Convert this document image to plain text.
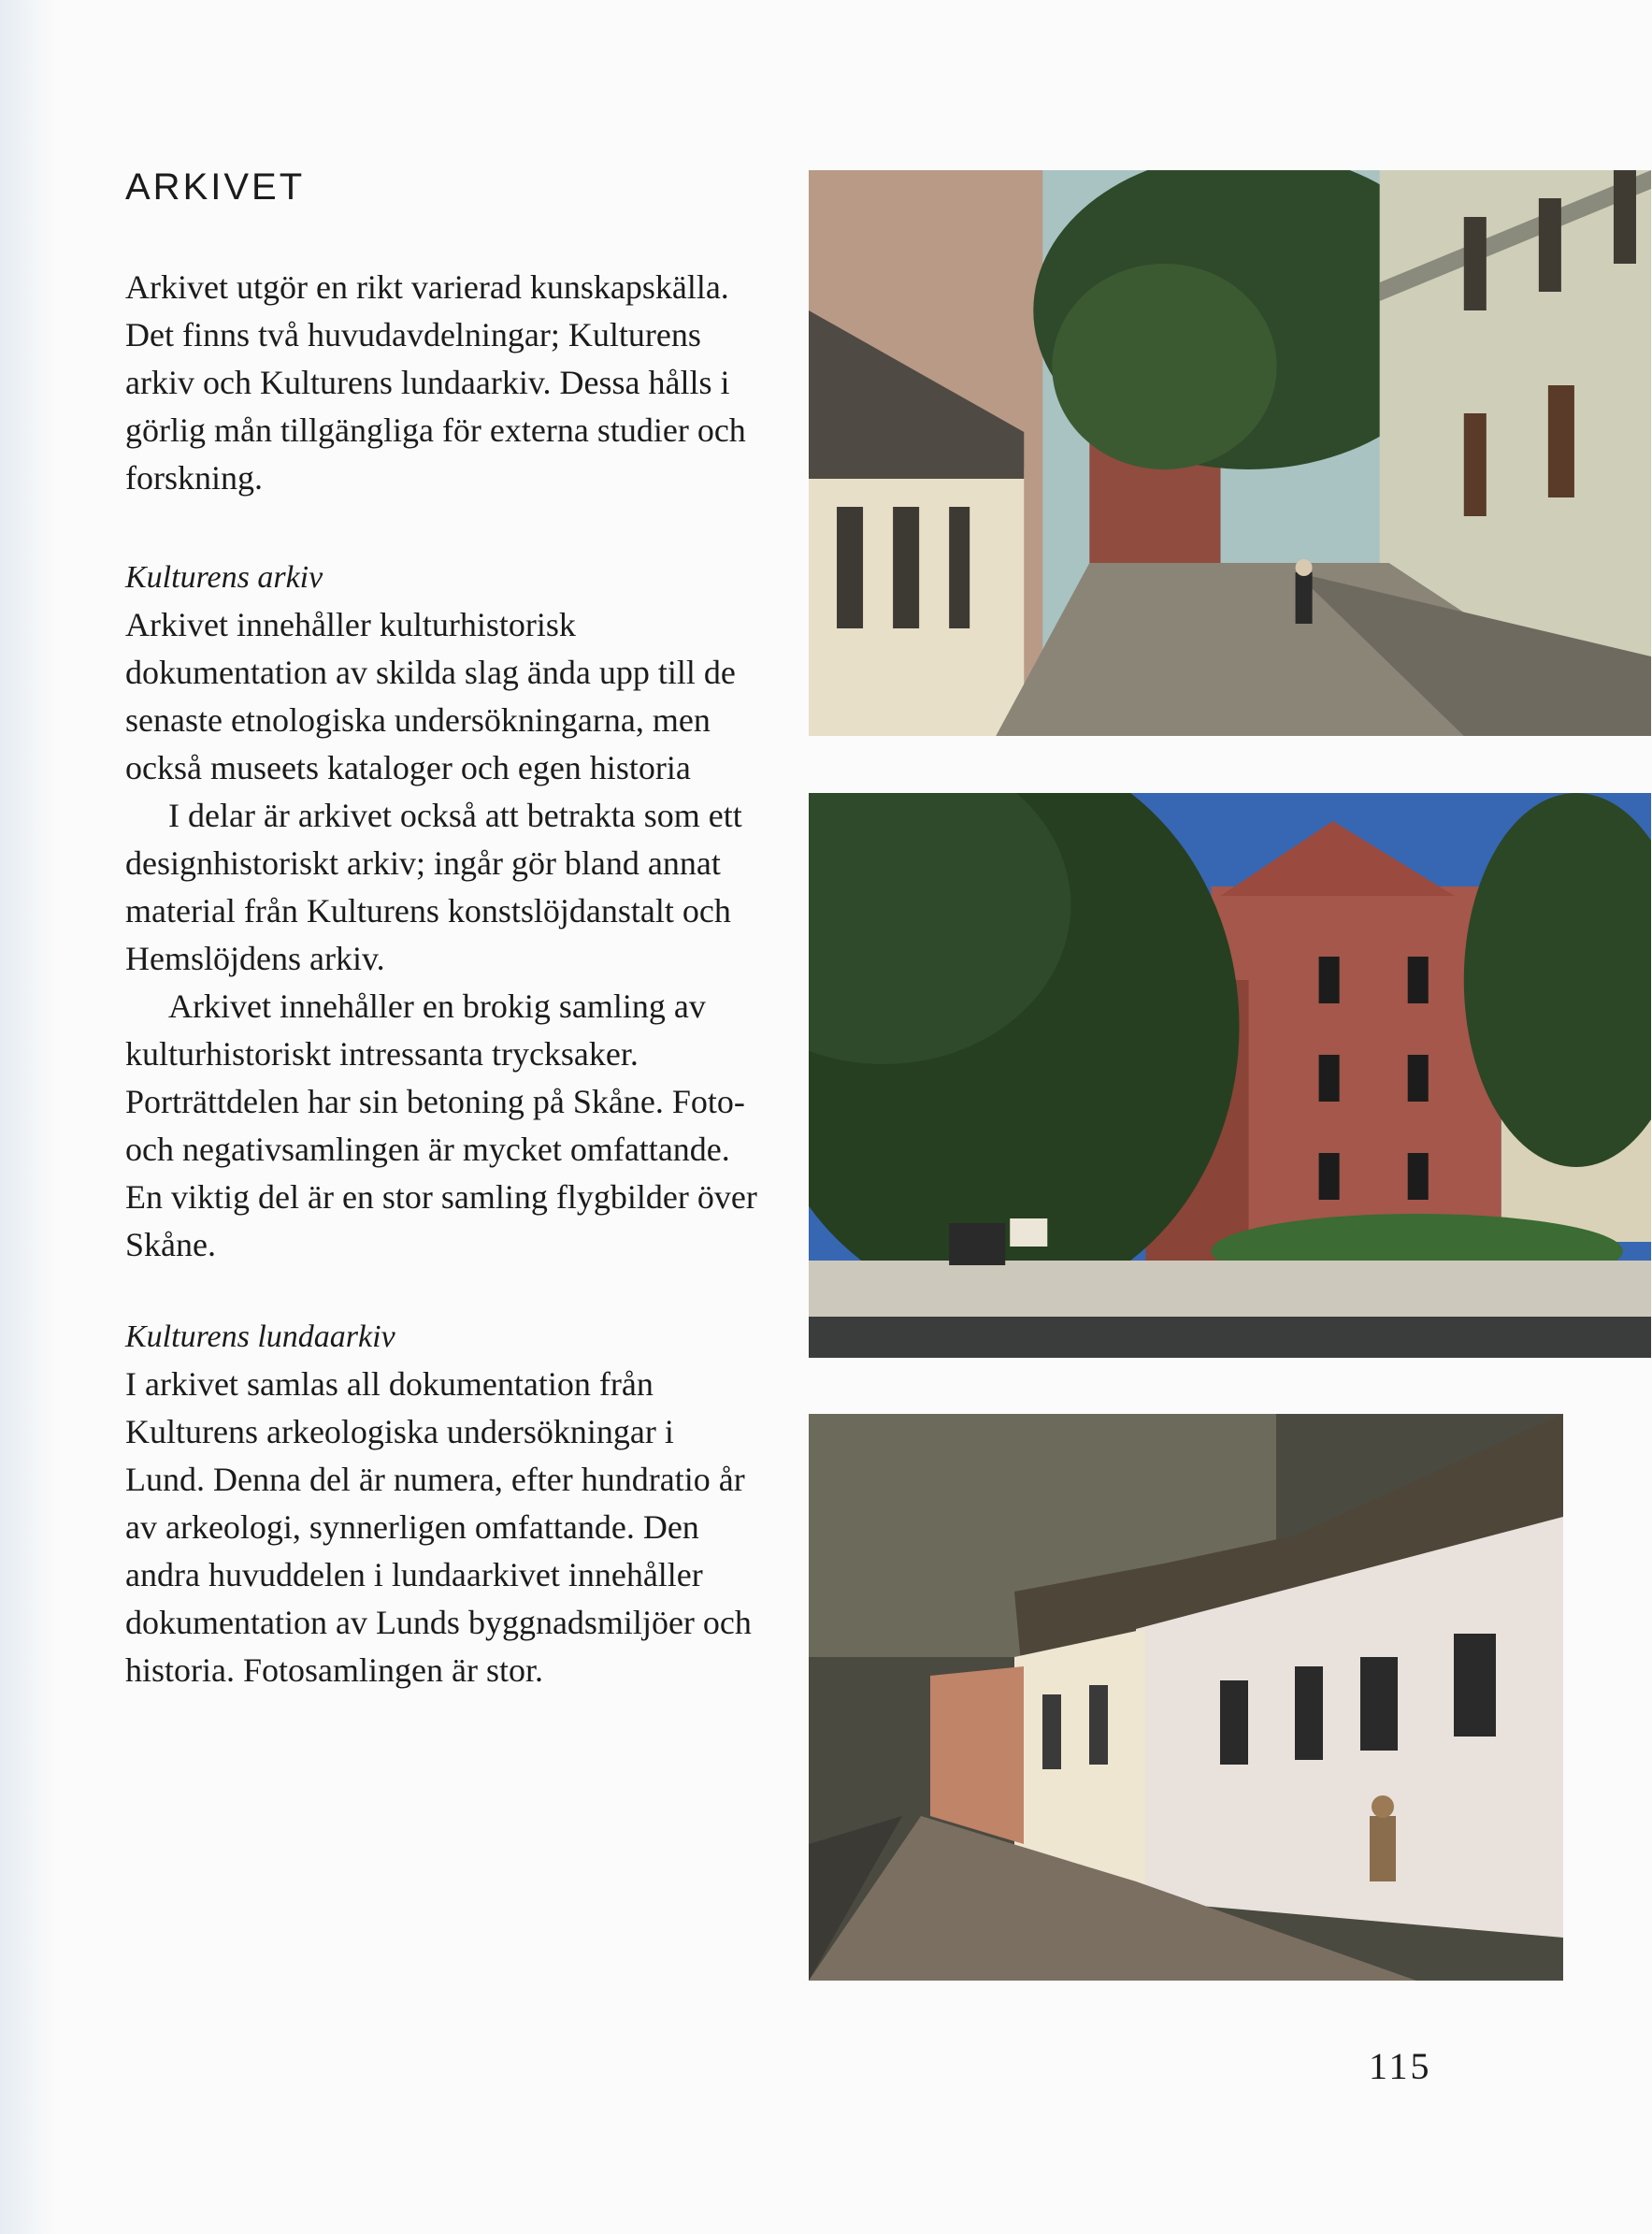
ARKIVET

Arkivet utgör en rikt varierad kunskapskälla. Det finns två huvudavdelningar; Kulturens arkiv och Kulturens lundaarkiv. Dessa hålls i görlig mån tillgängliga för externa studier och forskning.

Kulturens arkiv

Arkivet innehåller kulturhistorisk dokumentation av skilda slag ända upp till de senaste etnologiska undersökningarna, men också museets kataloger och egen historia

I delar är arkivet också att betrakta som ett designhistoriskt arkiv; ingår gör bland annat material från Kulturens konstslöjdanstalt och Hemslöjdens arkiv.

Arkivet innehåller en brokig samling av kulturhistoriskt intressanta trycksaker. Porträttdelen har sin betoning på Skåne. Foto- och negativsamlingen är mycket omfattande. En viktig del är en stor samling flygbilder över Skåne.

Kulturens lundaarkiv

I arkivet samlas all dokumentation från Kulturens arkeologiska undersökningar i Lund. Denna del är numera, efter hundratio år av arkeologi, synnerligen omfattande. Den andra huvuddelen i lundaarkivet innehåller dokumentation av Lunds byggnadsmiljöer och historia. Fotosamlingen är stor.

115
